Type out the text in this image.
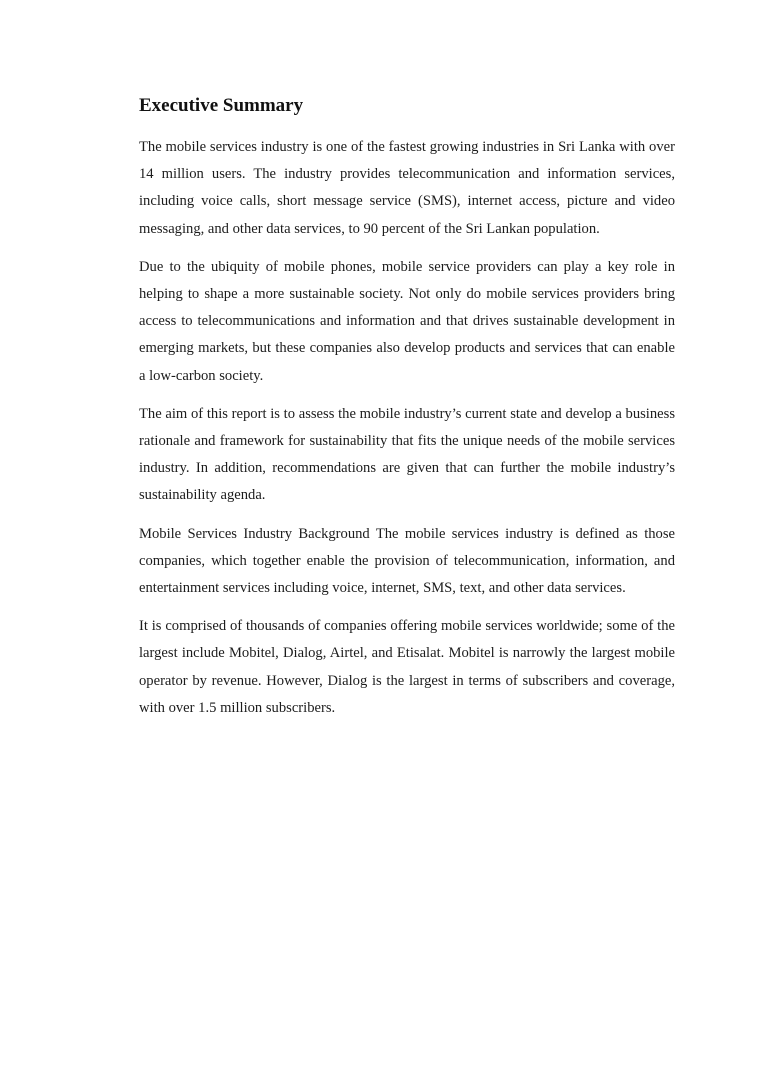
Executive Summary

The mobile services industry is one of the fastest growing industries in Sri Lanka with over 14 million users. The industry provides telecommunication and information services, including voice calls, short message service (SMS), internet access, picture and video messaging, and other data services, to 90 percent of the Sri Lankan population.

Due to the ubiquity of mobile phones, mobile service providers can play a key role in helping to shape a more sustainable society. Not only do mobile services providers bring access to telecommunications and information and that drives sustainable development in emerging markets, but these companies also develop products and services that can enable a low-carbon society.

The aim of this report is to assess the mobile industry’s current state and develop a business rationale and framework for sustainability that fits the unique needs of the mobile services industry. In addition, recommendations are given that can further the mobile industry’s sustainability agenda.

Mobile Services Industry Background The mobile services industry is defined as those companies, which together enable the provision of telecommunication, information, and entertainment services including voice, internet, SMS, text, and other data services.

It is comprised of thousands of companies offering mobile services worldwide; some of the largest include Mobitel, Dialog, Airtel, and Etisalat. Mobitel is narrowly the largest mobile operator by revenue. However, Dialog is the largest in terms of subscribers and coverage, with over 1.5 million subscribers.
